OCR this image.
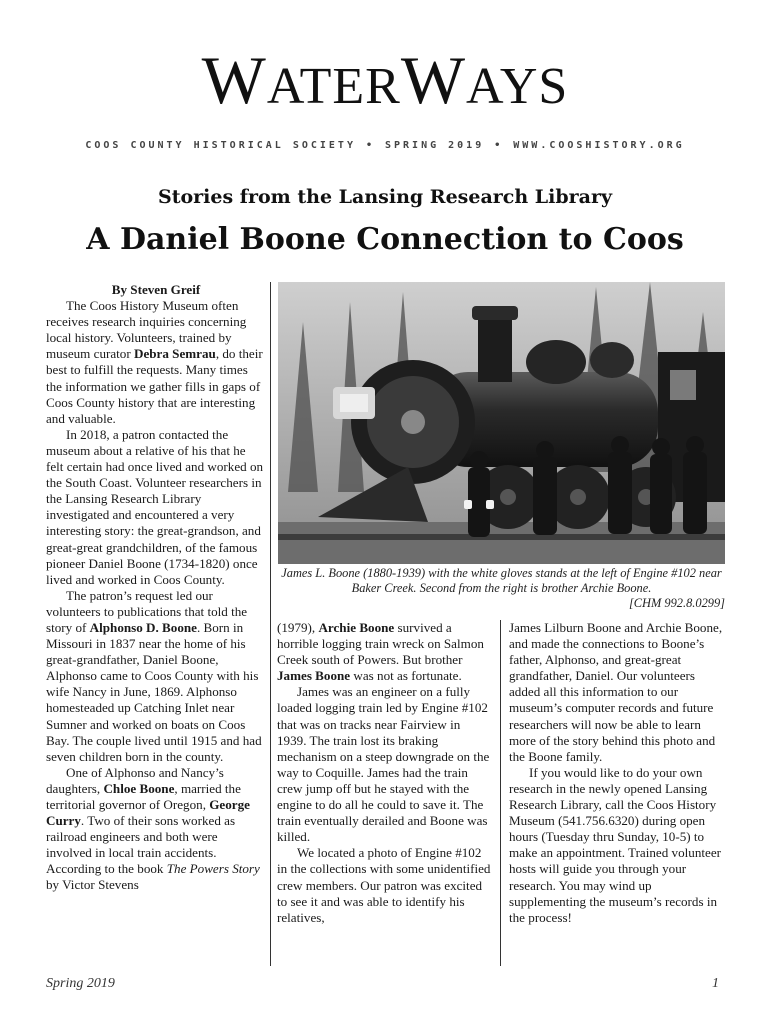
WATERWAYS
COOS COUNTY HISTORICAL SOCIETY • SPRING 2019 • WWW.COOSHISTORY.ORG
Stories from the Lansing Research Library
A Daniel Boone Connection to Coos

By Steven Greif

The Coos History Museum often receives research inquiries concerning local history. Volunteers, trained by museum curator Debra Semrau, do their best to fulfill the requests. Many times the information we gather fills in gaps of Coos County history that are interesting and valuable.

In 2018, a patron contacted the museum about a relative of his that he felt certain had once lived and worked on the South Coast. Volunteer researchers in the Lansing Research Library investigated and encountered a very interesting story: the great-grandson, and great-great grandchildren, of the famous pioneer Daniel Boone (1734-1820) once lived and worked in Coos County.

The patron’s request led our volunteers to publications that told the story of Alphonso D. Boone. Born in Missouri in 1837 near the home of his great-grandfather, Daniel Boone, Alphonso came to Coos County with his wife Nancy in June, 1869. Alphonso homesteaded up Catching Inlet near Sumner and worked on boats on Coos Bay. The couple lived until 1915 and had seven children born in the county.

One of Alphonso and Nancy’s daughters, Chloe Boone, married the territorial governor of Oregon, George Curry. Two of their sons worked as railroad engineers and both were involved in local train accidents. According to the book The Powers Story by Victor Stevens

James L. Boone (1880-1939) with the white gloves stands at the left of Engine #102 near Baker Creek. Second from the right is brother Archie Boone.
[CHM 992.8.0299]

(1979), Archie Boone survived a horrible logging train wreck on Salmon Creek south of Powers. But brother James Boone was not as fortunate.

James was an engineer on a fully loaded logging train led by Engine #102 that was on tracks near Fairview in 1939. The train lost its braking mechanism on a steep downgrade on the way to Coquille. James had the train crew jump off but he stayed with the engine to do all he could to save it. The train eventually derailed and Boone was killed.

We located a photo of Engine #102 in the collections with some unidentified crew members. Our patron was excited to see it and was able to identify his relatives,

James Lilburn Boone and Archie Boone, and made the connections to Boone’s father, Alphonso, and great-great grandfather, Daniel. Our volunteers added all this information to our museum’s computer records and future researchers will now be able to learn more of the story behind this photo and the Boone family.

If you would like to do your own research in the newly opened Lansing Research Library, call the Coos History Museum (541.756.6320) during open hours (Tuesday thru Sunday, 10-5) to make an appointment. Trained volunteer hosts will guide you through your research. You may wind up supplementing the museum’s records in the process!

Spring 2019	1
